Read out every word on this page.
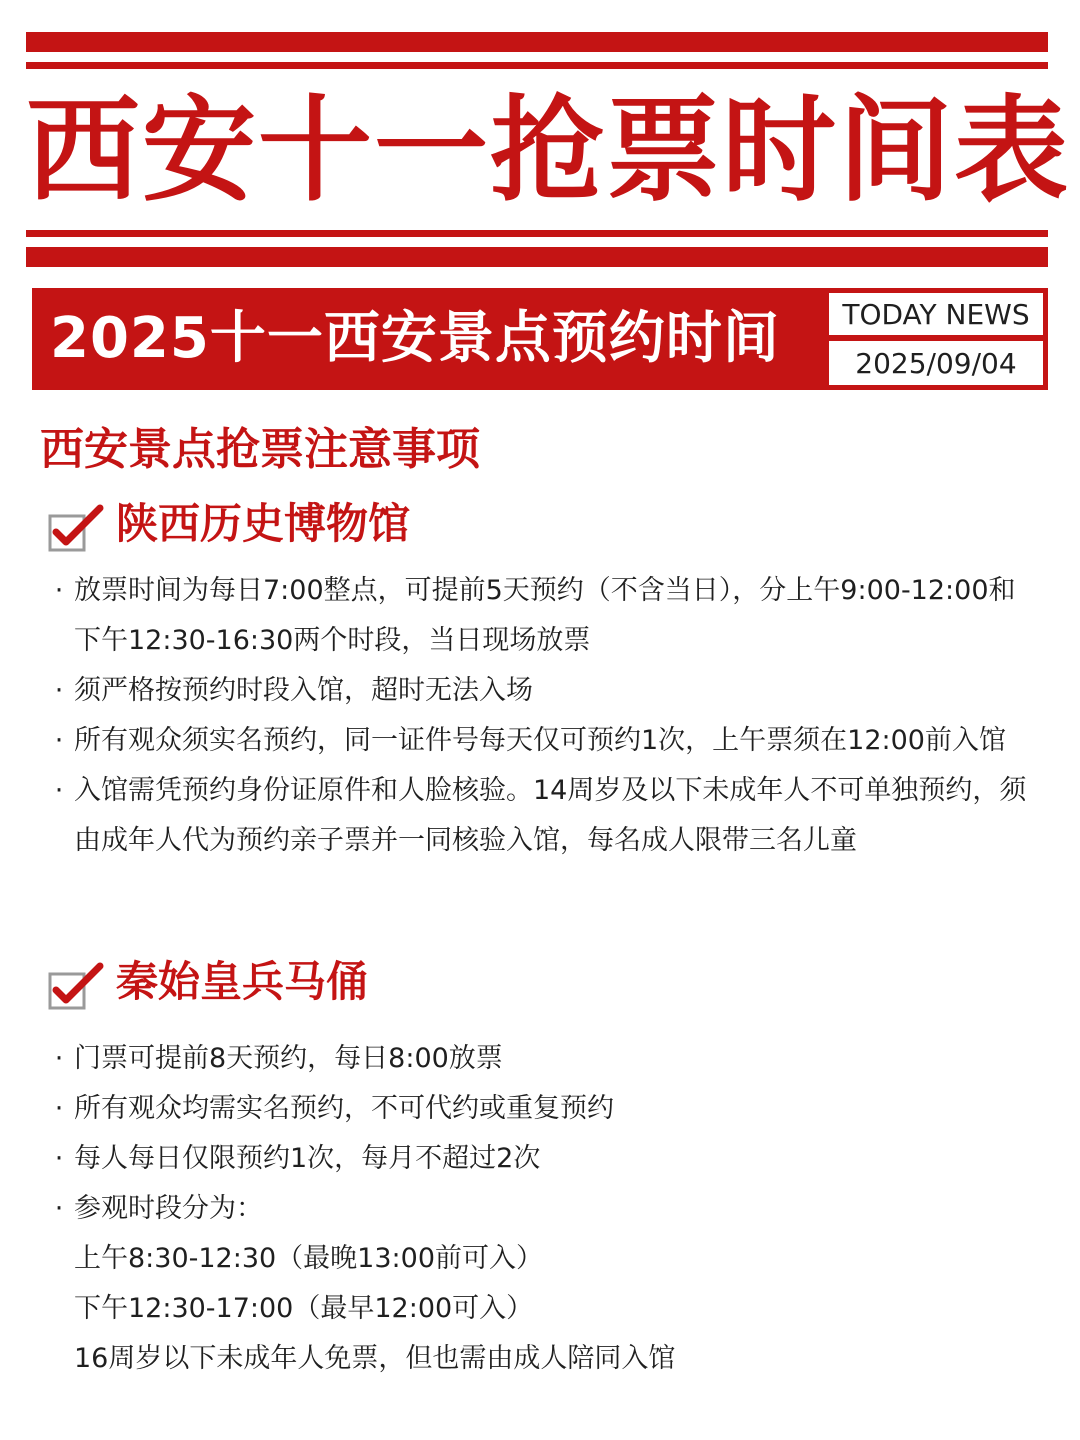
西安十一抢票时间表
2025十一西安景点预约时间	TODAY NEWS
2025/09/04
西安景点抢票注意事项
陕西历史博物馆
· 放票时间为每日7:00整点，可提前5天预约（不含当日），分上午9:00-12:00和下午12:30-16:30两个时段，当日现场放票
· 须严格按预约时段入馆，超时无法入场
· 所有观众须实名预约，同一证件号每天仅可预约1次，上午票须在12:00前入馆
· 入馆需凭预约身份证原件和人脸核验。14周岁及以下未成年人不可单独预约，须由成年人代为预约亲子票并一同核验入馆，每名成人限带三名儿童
秦始皇兵马俑
· 门票可提前8天预约，每日8:00放票
· 所有观众均需实名预约，不可代约或重复预约
· 每人每日仅限预约1次，每月不超过2次
· 参观时段分为：
上午8:30-12:30（最晚13:00前可入）
下午12:30-17:00（最早12:00可入）
16周岁以下未成年人免票，但也需由成人陪同入馆
